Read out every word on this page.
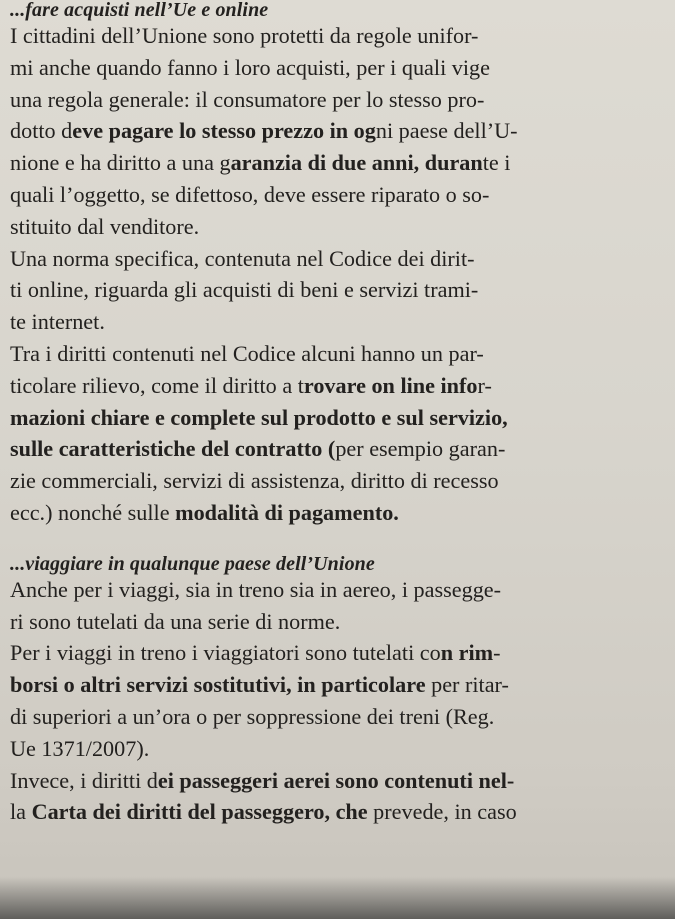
...fare acquisti nell’Ue e online

I cittadini dell’Unione sono protetti da regole unifor-
mi anche quando fanno i loro acquisti, per i quali vige
una regola generale: il consumatore per lo stesso pro-
dotto deve pagare lo stesso prezzo in ogni paese dell’U-
nione e ha diritto a una garanzia di due anni, durante i
quali l’oggetto, se difettoso, deve essere riparato o so-
stituito dal venditore.

Una norma specifica, contenuta nel Codice dei dirit-
ti online, riguarda gli acquisti di beni e servizi trami-
te internet.

Tra i diritti contenuti nel Codice alcuni hanno un par-
ticolare rilievo, come il diritto a trovare on line infor-
mazioni chiare e complete sul prodotto e sul servizio,
sulle caratteristiche del contratto (per esempio garan-
zie commerciali, servizi di assistenza, diritto di recesso
ecc.) nonché sulle modalità di pagamento.

...viaggiare in qualunque paese dell’Unione

Anche per i viaggi, sia in treno sia in aereo, i passegge-
ri sono tutelati da una serie di norme.

Per i viaggi in treno i viaggiatori sono tutelati con rim-
borsi o altri servizi sostitutivi, in particolare per ritar-
di superiori a un’ora o per soppressione dei treni (Reg.
Ue 1371/2007).

Invece, i diritti dei passeggeri aerei sono contenuti nel-
la Carta dei diritti del passeggero, che prevede, in caso
